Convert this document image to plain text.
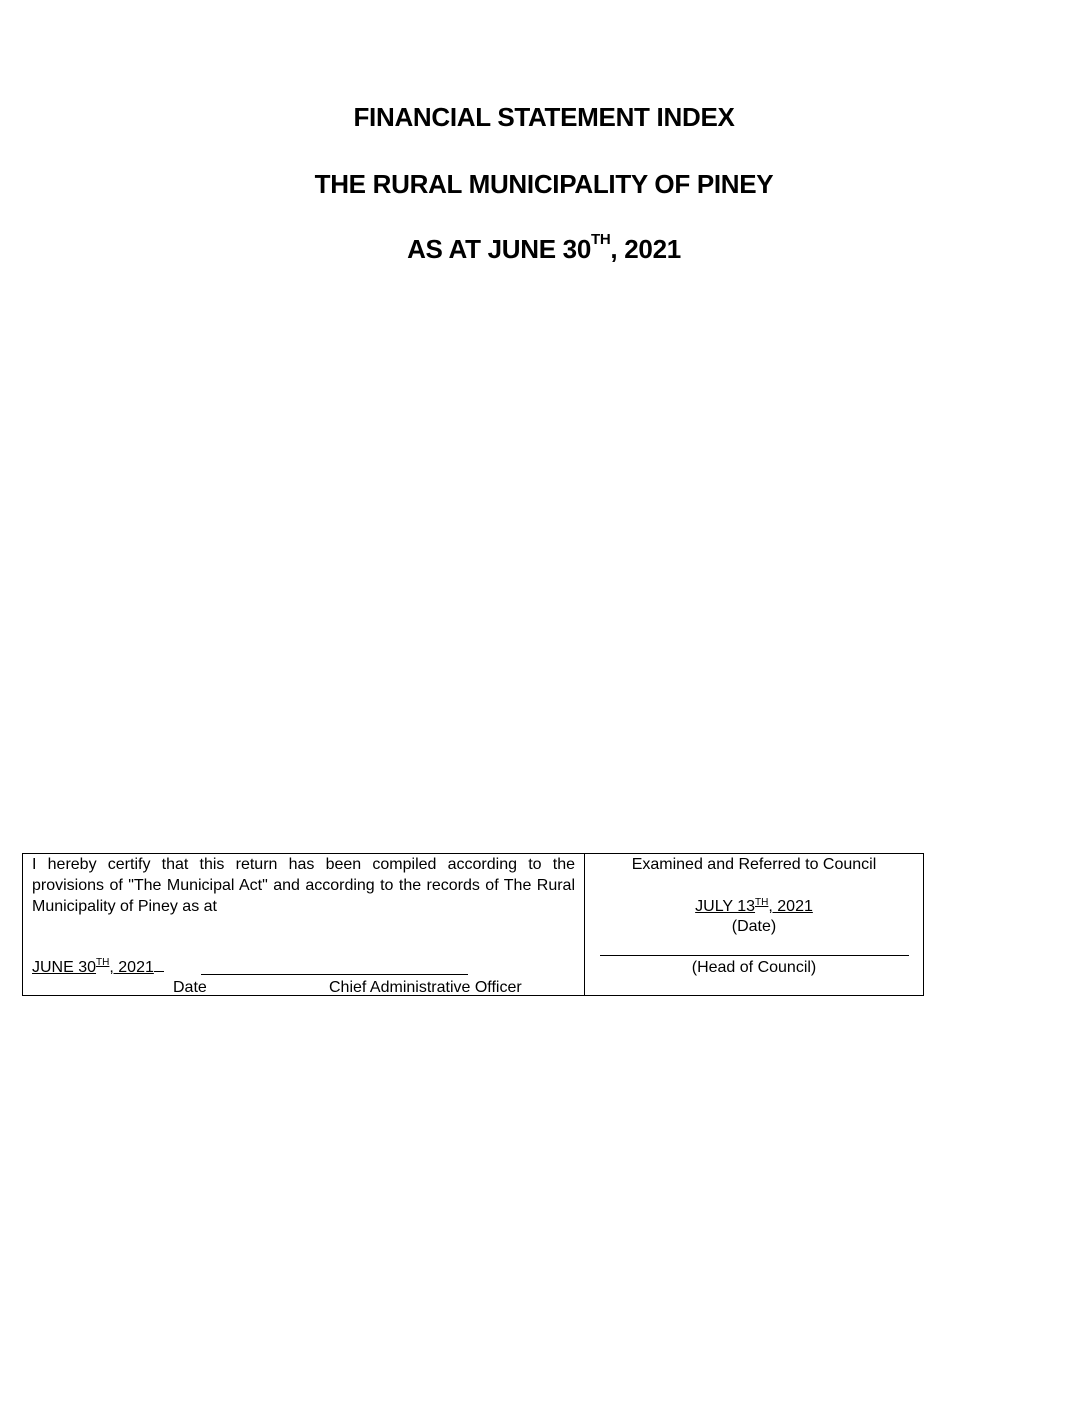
FINANCIAL STATEMENT INDEX
THE RURAL MUNICIPALITY OF PINEY
AS AT JUNE 30TH, 2021

I hereby certify that this return has been compiled according to the provisions of "The Municipal Act" and according to the records of The Rural Municipality of Piney as at

JUNE 30TH, 2021

Date	Chief Administrative Officer

Examined and Referred to Council

JULY 13TH, 2021

(Date)

(Head of Council)
